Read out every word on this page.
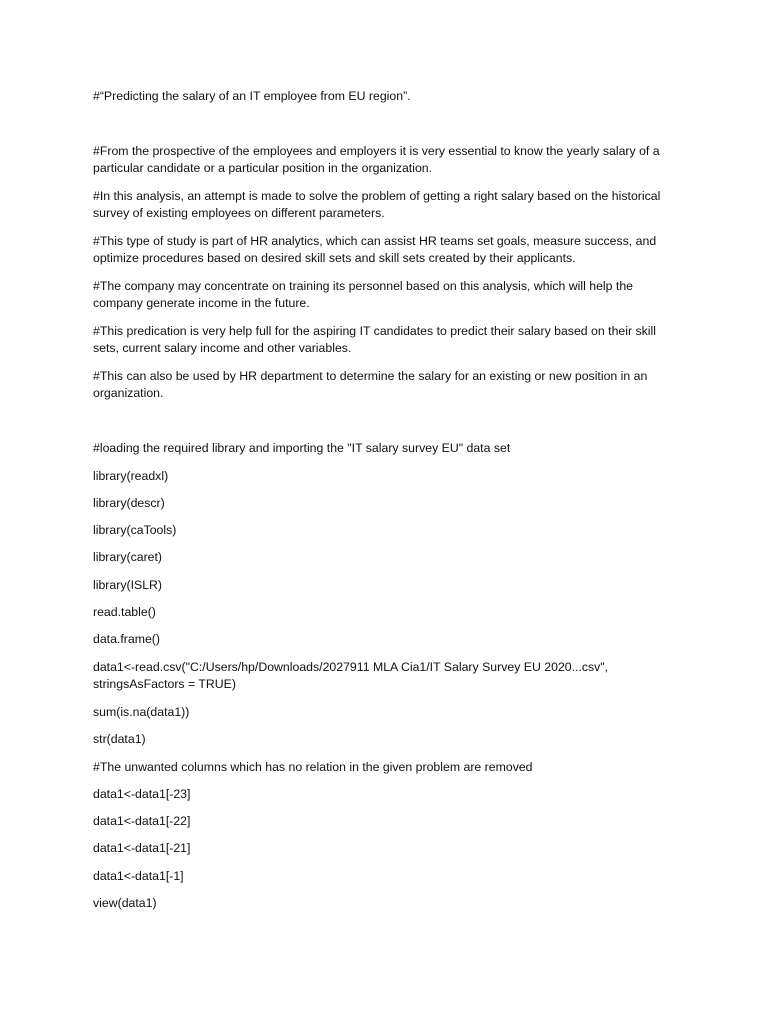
#“Predicting the salary of an IT employee from EU region”.
#From the prospective of the employees and employers it is very essential to know the yearly salary of a particular candidate or a particular position in the organization.
#In this analysis, an attempt is made to solve the problem of getting a right salary based on the historical survey of existing employees on different parameters.
#This type of study is part of HR analytics, which can assist HR teams set goals, measure success, and optimize procedures based on desired skill sets and skill sets created by their applicants.
#The company may concentrate on training its personnel based on this analysis, which will help the company generate income in the future.
#This predication is very help full for the aspiring IT candidates to predict their salary based on their skill sets, current salary income and other variables.
#This can also be used by HR department to determine the salary for an existing or new position in an organization.
#loading the required library and importing the "IT salary survey EU" data set
library(readxl)
library(descr)
library(caTools)
library(caret)
library(ISLR)
read.table()
data.frame()
data1<-read.csv("C:/Users/hp/Downloads/2027911 MLA Cia1/IT Salary Survey EU 2020...csv", stringsAsFactors = TRUE)
sum(is.na(data1))
str(data1)
#The unwanted columns which has no relation in the given problem are removed
data1<-data1[-23]
data1<-data1[-22]
data1<-data1[-21]
data1<-data1[-1]
view(data1)
